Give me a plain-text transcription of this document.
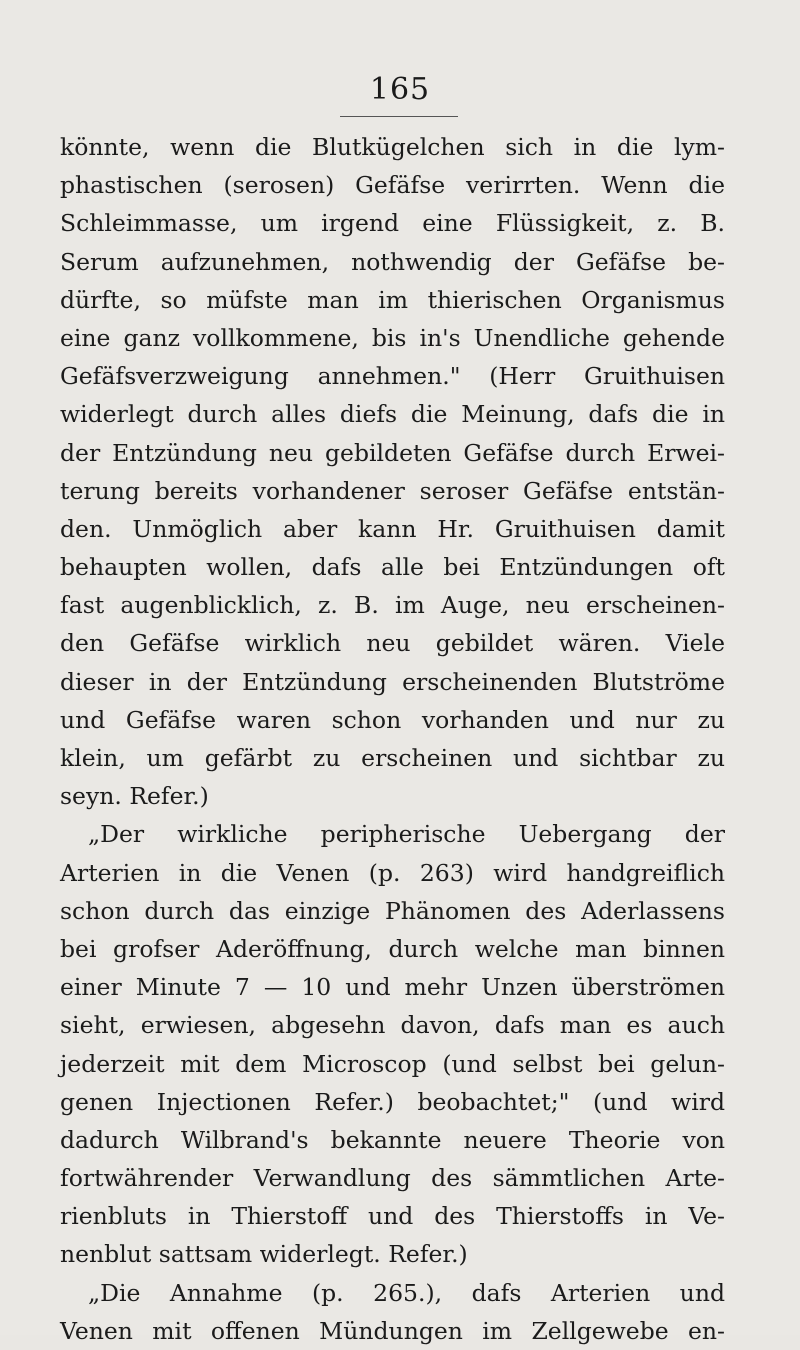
165
könnte, wenn die Blutkügelchen sich in die lym-
phastischen (serosen) Gefäfse verirrten. Wenn die
Schleimmasse, um irgend eine Flüssigkeit, z. B.
Serum aufzunehmen, nothwendig der Gefäfse be-
dürfte, so müfste man im thierischen Organismus
eine ganz vollkommene, bis in's Unendliche gehende
Gefäfsverzweigung annehmen." (Herr Gruithuisen
widerlegt durch alles diefs die Meinung, dafs die in
der Entzündung neu gebildeten Gefäfse durch Erwei-
terung bereits vorhandener seroser Gefäfse entstän-
den. Unmöglich aber kann Hr. Gruithuisen damit
behaupten wollen, dafs alle bei Entzündungen oft
fast augenblicklich, z. B. im Auge, neu erscheinen-
den Gefäfse wirklich neu gebildet wären. Viele
dieser in der Entzündung erscheinenden Blutströme
und Gefäfse waren schon vorhanden und nur zu
klein, um gefärbt zu erscheinen und sichtbar zu
seyn. Refer.)
„Der wirkliche peripherische Uebergang der
Arterien in die Venen (p. 263) wird handgreiflich
schon durch das einzige Phänomen des Aderlassens
bei grofser Aderöffnung, durch welche man binnen
einer Minute 7 — 10 und mehr Unzen überströmen
sieht, erwiesen, abgesehn davon, dafs man es auch
jederzeit mit dem Microscop (und selbst bei gelun-
genen Injectionen Refer.) beobachtet;" (und wird
dadurch Wilbrand's bekannte neuere Theorie von
fortwährender Verwandlung des sämmtlichen Arte-
rienbluts in Thierstoff und des Thierstoffs in Ve-
nenblut sattsam widerlegt. Refer.)
„Die Annahme (p. 265.), dafs Arterien und
Venen mit offenen Mündungen im Zellgewebe en-
